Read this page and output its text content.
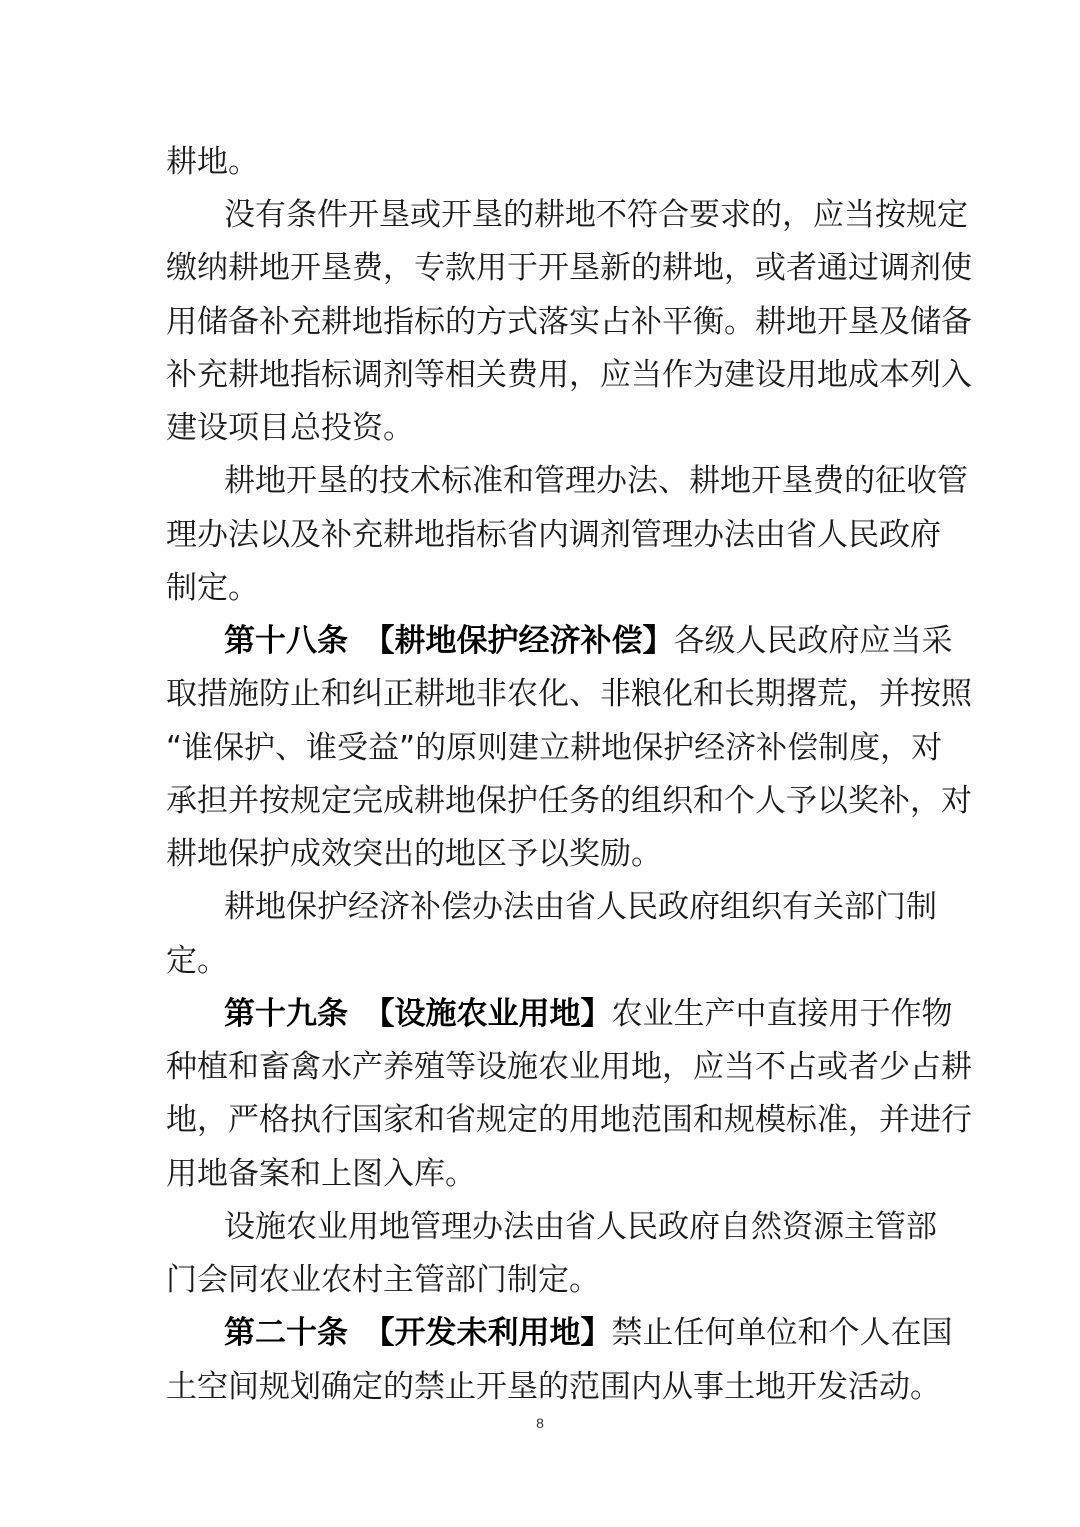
耕地。
没有条件开垦或开垦的耕地不符合要求的，应当按规定
缴纳耕地开垦费，专款用于开垦新的耕地，或者通过调剂使
用储备补充耕地指标的方式落实占补平衡。耕地开垦及储备
补充耕地指标调剂等相关费用，应当作为建设用地成本列入
建设项目总投资。
耕地开垦的技术标准和管理办法、耕地开垦费的征收管
理办法以及补充耕地指标省内调剂管理办法由省人民政府
制定。
第十八条　【耕地保护经济补偿】各级人民政府应当采
取措施防止和纠正耕地非农化、非粮化和长期撂荒，并按照
“谁保护、谁受益”的原则建立耕地保护经济补偿制度，对
承担并按规定完成耕地保护任务的组织和个人予以奖补，对
耕地保护成效突出的地区予以奖励。
耕地保护经济补偿办法由省人民政府组织有关部门制
定。
第十九条　【设施农业用地】农业生产中直接用于作物
种植和畜禽水产养殖等设施农业用地，应当不占或者少占耕
地，严格执行国家和省规定的用地范围和规模标准，并进行
用地备案和上图入库。
设施农业用地管理办法由省人民政府自然资源主管部
门会同农业农村主管部门制定。
第二十条　【开发未利用地】禁止任何单位和个人在国
土空间规划确定的禁止开垦的范围内从事土地开发活动。
8
